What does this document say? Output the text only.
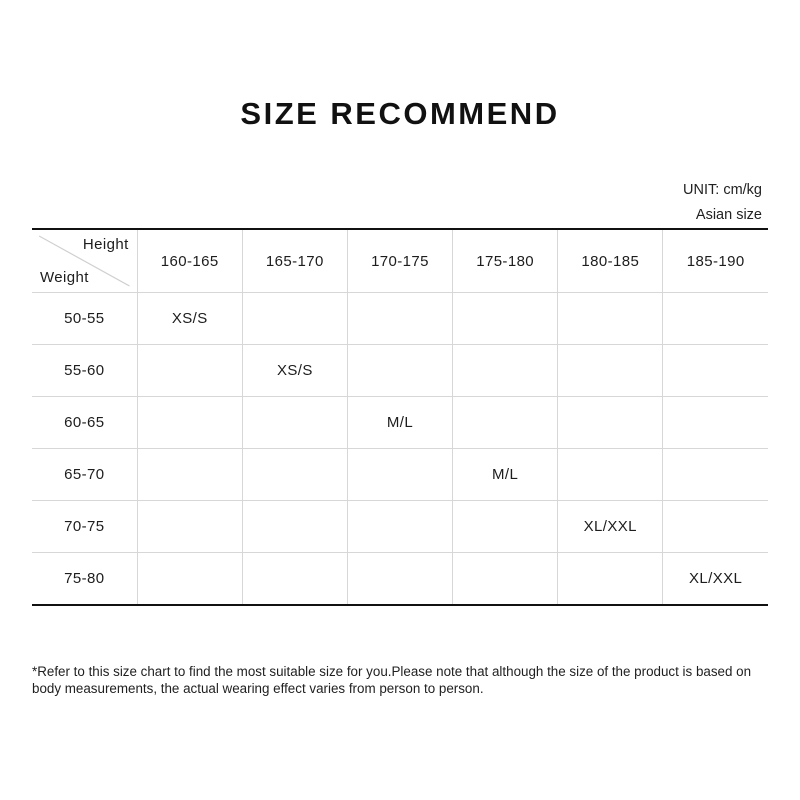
SIZE RECOMMEND
UNIT: cm/kg
Asian size
Height
Weight	160-165	165-170	170-175	175-180	180-185	185-190
50-55	XS/S					
55-60		XS/S				
60-65			M/L			
65-70				M/L		
70-75					XL/XXL	
75-80						XL/XXL
*Refer to this size chart to find the most suitable size for you.Please note that although the size of the product is based on body measurements, the actual wearing effect varies from person to person.
